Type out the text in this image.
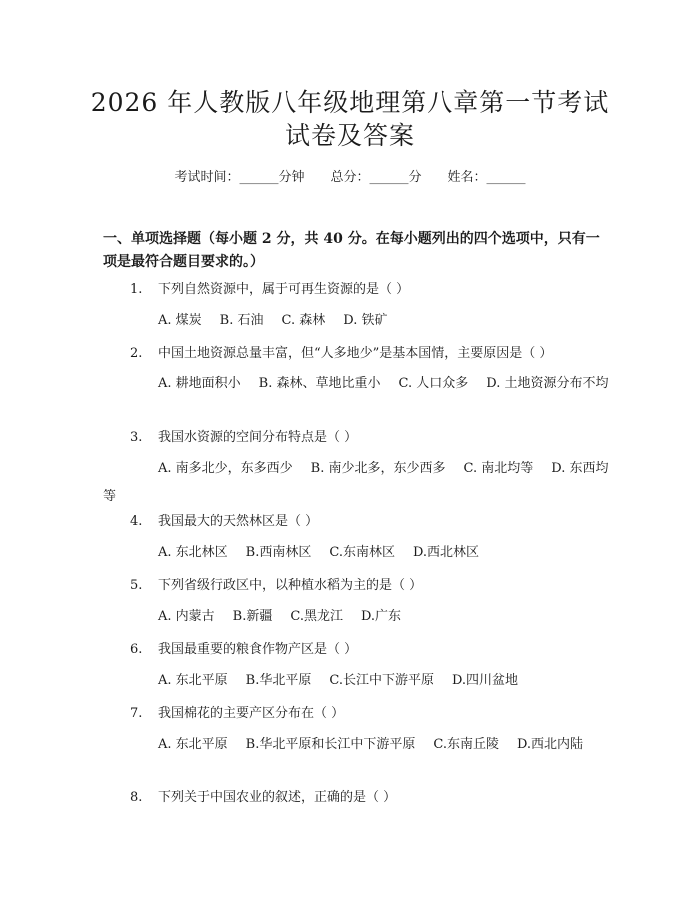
2026 年人教版八年级地理第八章第一节考试
试卷及答案
考试时间：______分钟 总分：______分 姓名：______
一、单项选择题（每小题 2 分，共 40 分。在每小题列出的四个选项中，只有一项是最符合题目要求的。）
1. 下列自然资源中，属于可再生资源的是（ ）
A. 煤炭 B. 石油 C. 森林 D. 铁矿
2. 中国土地资源总量丰富，但“人多地少”是基本国情，主要原因是（ ）
A. 耕地面积小 B. 森林、草地比重小 C. 人口众多 D. 土地资源分布不均
3. 我国水资源的空间分布特点是（ ）
A. 南多北少，东多西少 B. 南少北多，东少西多 C. 南北均等 D. 东西均等
4. 我国最大的天然林区是（ ）
A. 东北林区 B.西南林区 C.东南林区 D.西北林区
5. 下列省级行政区中，以种植水稻为主的是（ ）
A. 内蒙古 B.新疆 C.黑龙江 D.广东
6. 我国最重要的粮食作物产区是（ ）
A. 东北平原 B.华北平原 C.长江中下游平原 D.四川盆地
7. 我国棉花的主要产区分布在（ ）
A. 东北平原 B.华北平原和长江中下游平原 C.东南丘陵 D.西北内陆
8. 下列关于中国农业的叙述，正确的是（ ）
